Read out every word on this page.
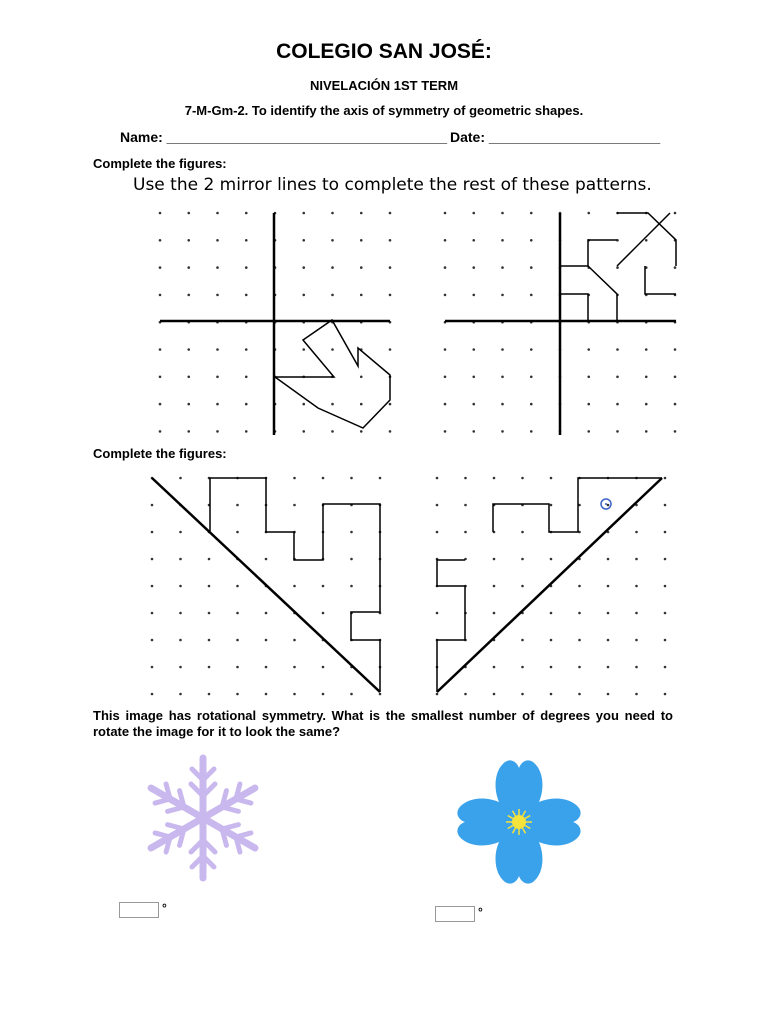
COLEGIO SAN JOSÉ:
NIVELACIÓN 1ST TERM
7-M-Gm-2. To identify the axis of symmetry of geometric shapes.
Name: ____________________________________ Date: ______________________
Complete the figures:
Use the 2 mirror lines to complete the rest of these patterns.
Complete the figures:
This image has rotational symmetry. What is the smallest number of degrees you need to rotate the image for it to look the same?
°	°
